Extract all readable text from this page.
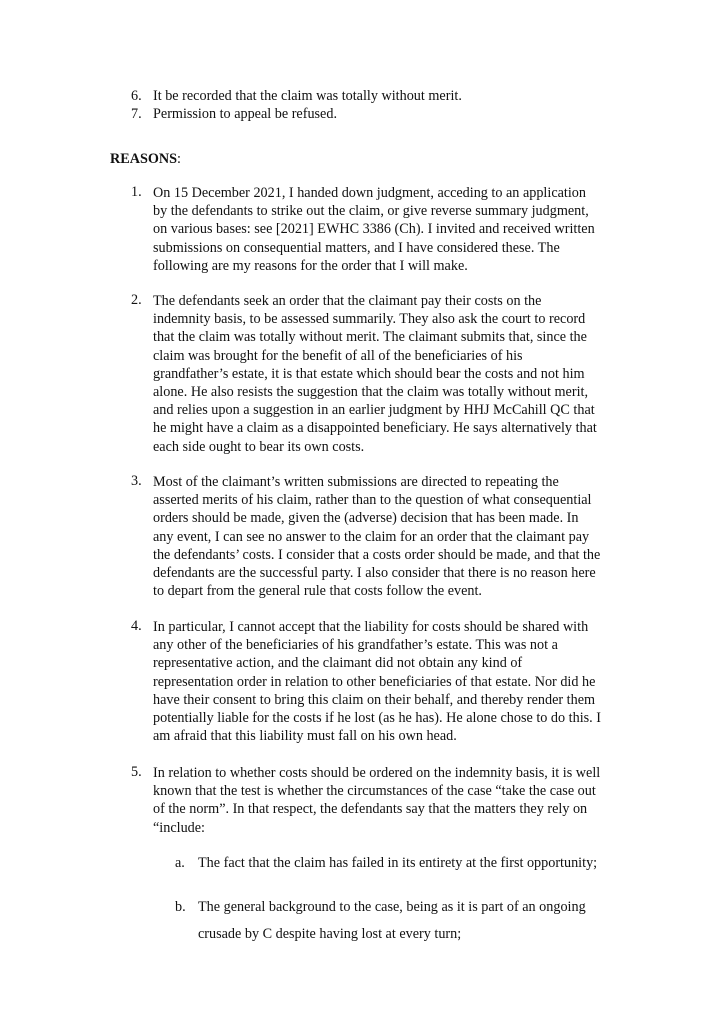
6. It be recorded that the claim was totally without merit.
7. Permission to appeal be refused.
REASONS:
1. On 15 December 2021, I handed down judgment, acceding to an application
by the defendants to strike out the claim, or give reverse summary judgment,
on various bases: see [2021] EWHC 3386 (Ch). I invited and received written
submissions on consequential matters, and I have considered these. The
following are my reasons for the order that I will make.
2. The defendants seek an order that the claimant pay their costs on the
indemnity basis, to be assessed summarily. They also ask the court to record
that the claim was totally without merit. The claimant submits that, since the
claim was brought for the benefit of all of the beneficiaries of his
grandfather’s estate, it is that estate which should bear the costs and not him
alone. He also resists the suggestion that the claim was totally without merit,
and relies upon a suggestion in an earlier judgment by HHJ McCahill QC that
he might have a claim as a disappointed beneficiary. He says alternatively that
each side ought to bear its own costs.
3. Most of the claimant’s written submissions are directed to repeating the
asserted merits of his claim, rather than to the question of what consequential
orders should be made, given the (adverse) decision that has been made. In
any event, I can see no answer to the claim for an order that the claimant pay
the defendants’ costs. I consider that a costs order should be made, and that the
defendants are the successful party. I also consider that there is no reason here
to depart from the general rule that costs follow the event.
4. In particular, I cannot accept that the liability for costs should be shared with
any other of the beneficiaries of his grandfather’s estate. This was not a
representative action, and the claimant did not obtain any kind of
representation order in relation to other beneficiaries of that estate. Nor did he
have their consent to bring this claim on their behalf, and thereby render them
potentially liable for the costs if he lost (as he has). He alone chose to do this. I
am afraid that this liability must fall on his own head.
5. In relation to whether costs should be ordered on the indemnity basis, it is well
known that the test is whether the circumstances of the case “take the case out
of the norm”. In that respect, the defendants say that the matters they rely on
“include:
a. The fact that the claim has failed in its entirety at the first opportunity;
b. The general background to the case, being as it is part of an ongoing
crusade by C despite having lost at every turn;
